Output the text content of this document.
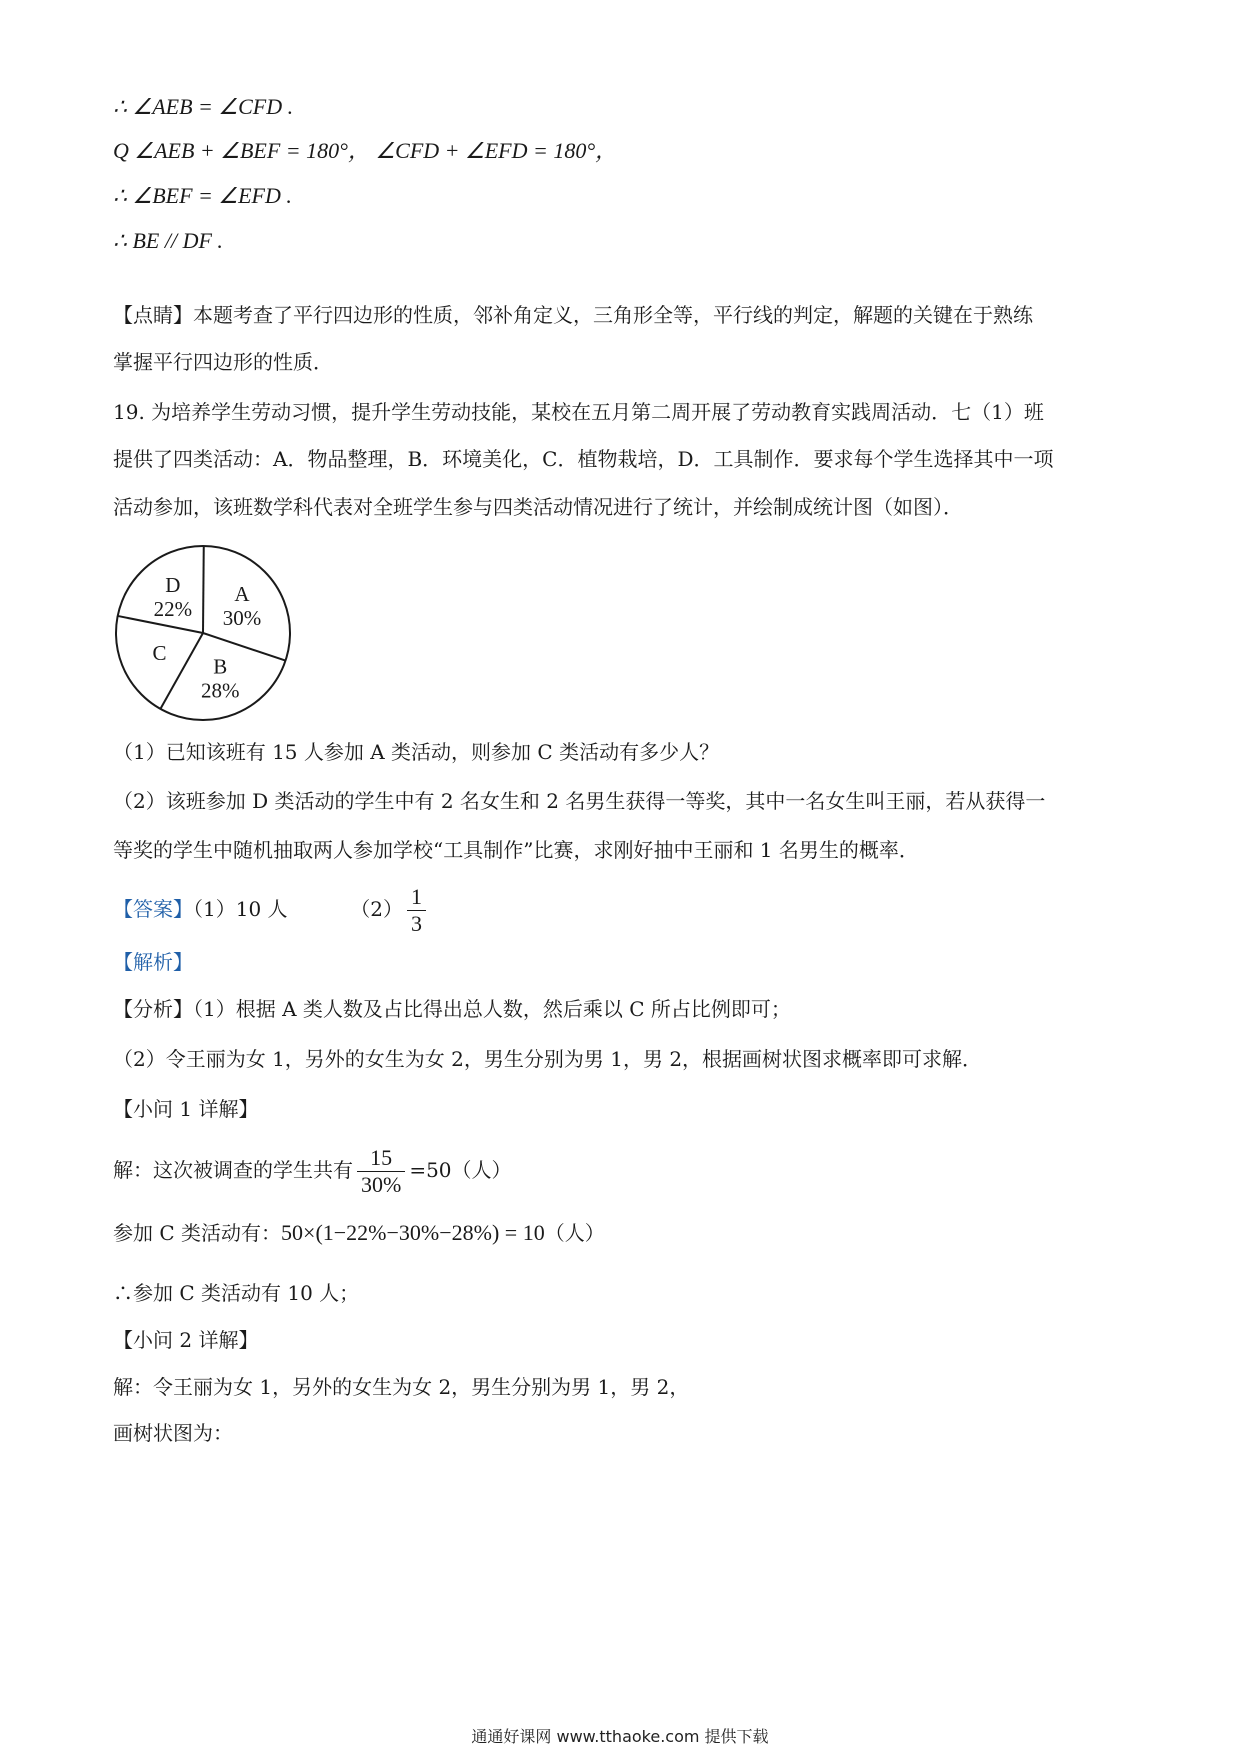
∴ ∠AEB = ∠CFD .
Q ∠AEB + ∠BEF = 180°， ∠CFD + ∠EFD = 180°，
∴ ∠BEF = ∠EFD .
∴ BE // DF .
【点睛】本题考查了平行四边形的性质，邻补角定义，三角形全等，平行线的判定，解题的关键在于熟练
掌握平行四边形的性质．
19. 为培养学生劳动习惯，提升学生劳动技能，某校在五月第二周开展了劳动教育实践周活动．七（1）班
提供了四类活动：A．物品整理，B．环境美化，C．植物栽培，D．工具制作．要求每个学生选择其中一项
活动参加，该班数学科代表对全班学生参与四类活动情况进行了统计，并绘制成统计图（如图）．
A
30%
B
28%
C
D
22%
（1）已知该班有 15 人参加 A 类活动，则参加 C 类活动有多少人？
（2）该班参加 D 类活动的学生中有 2 名女生和 2 名男生获得一等奖，其中一名女生叫王丽，若从获得一
等奖的学生中随机抽取两人参加学校“工具制作”比赛，求刚好抽中王丽和 1 名男生的概率．
【答案】（1）10 人	$(2) \frac{1}{3}$
【解析】
【分析】（1）根据 A 类人数及占比得出总人数，然后乘以 C 所占比例即可；
（2）令王丽为女 1，另外的女生为女 2，男生分别为男 1，男 2，根据画树状图求概率即可求解．
【小问 1 详解】
解：这次被调查的学生共有 $\frac{15}{30\%} =50$（人）
参加 C 类活动有：50×(1−22%−30%−28%) = 10（人）
∴参加 C 类活动有 10 人；
【小问 2 详解】
解：令王丽为女 1，另外的女生为女 2，男生分别为男 1，男 2，
画树状图为：
通通好课网 www.tthaoke.com 提供下载
